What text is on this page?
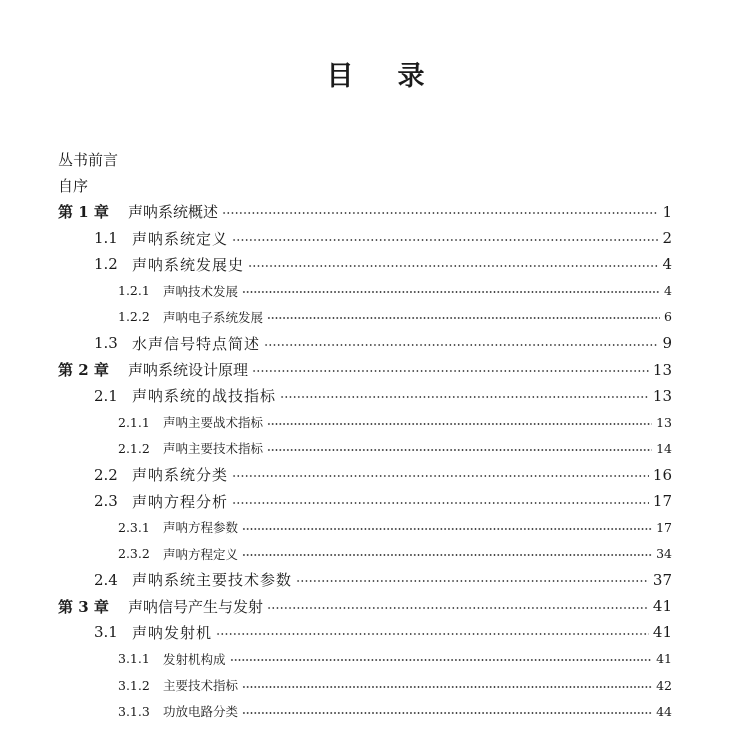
目 录
丛书前言
自序
第 1 章	声呐系统概述	1
1.1 声呐系统定义	2
1.2 声呐系统发展史	4
1.2.1	声呐技术发展	4
1.2.2	声呐电子系统发展	6
1.3 水声信号特点简述	9
第 2 章	声呐系统设计原理	13
2.1 声呐系统的战技指标	13
2.1.1	声呐主要战术指标	13
2.1.2	声呐主要技术指标	14
2.2 声呐系统分类	16
2.3 声呐方程分析	17
2.3.1	声呐方程参数	17
2.3.2	声呐方程定义	34
2.4 声呐系统主要技术参数	37
第 3 章	声呐信号产生与发射	41
3.1 声呐发射机	41
3.1.1	发射机构成	41
3.1.2	主要技术指标	42
3.1.3	功放电路分类	44
